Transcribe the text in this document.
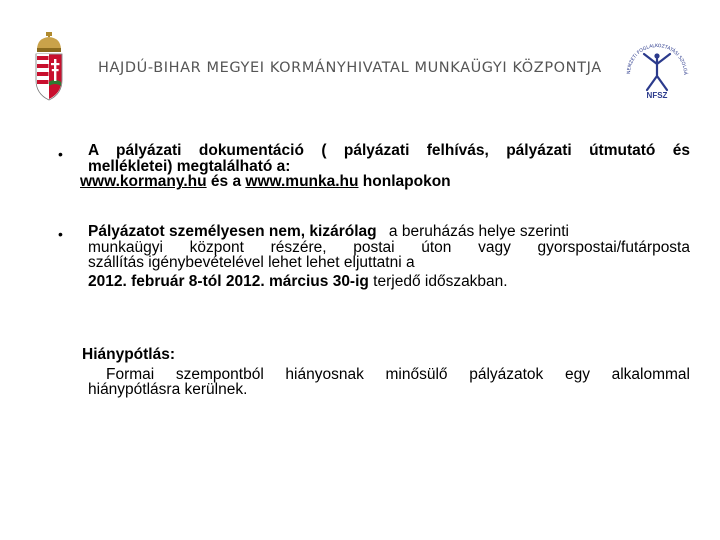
HAJDÚ-BIHAR MEGYEI KORMÁNYHIVATAL MUNKAÜGYI KÖZPONTJA	NEMZETI FOGLALKOZTATÁSI SZOLGÁ
NFSZ
• A pályázati dokumentáció ( pályázati felhívás, pályázati útmutató és
mellékletei) megtalálható a:
www.kormany.hu és a www.munka.hu honlapokon
• Pályázatot személyesen nem, kizárólag a beruházás helye szerinti
munkaügyi központ részére, postai úton vagy gyorspostai/futárposta
szállítás igénybevételével lehet lehet eljuttatni a
2012. február 8-tól 2012. március 30-ig terjedő időszakban.
Hiánypótlás:
Formai szempontból hiányosnak minősülő pályázatok egy alkalommal
hiánypótlásra kerülnek.
